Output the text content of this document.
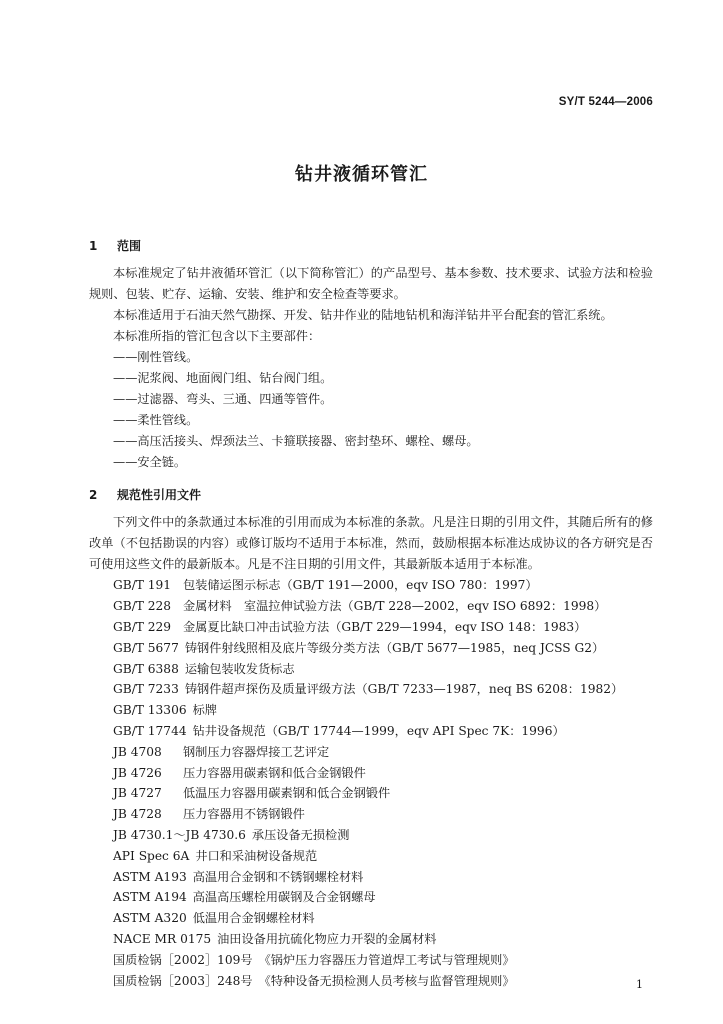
SY/T 5244—2006
钻井液循环管汇
1 范围

本标准规定了钻井液循环管汇（以下简称管汇）的产品型号、基本参数、技术要求、试验方法和检验规则、包装、贮存、运输、安装、维护和安全检查等要求。

本标准适用于石油天然气勘探、开发、钻井作业的陆地钻机和海洋钻井平台配套的管汇系统。
本标准所指的管汇包含以下主要部件：
——刚性管线。
——泥浆阀、地面阀门组、钻台阀门组。
——过滤器、弯头、三通、四通等管件。
——柔性管线。
——高压活接头、焊颈法兰、卡箍联接器、密封垫环、螺栓、螺母。
——安全链。
2 规范性引用文件

下列文件中的条款通过本标准的引用而成为本标准的条款。凡是注日期的引用文件，其随后所有的修改单（不包括勘误的内容）或修订版均不适用于本标准，然而，鼓励根据本标准达成协议的各方研究是否可使用这些文件的最新版本。凡是不注日期的引用文件，其最新版本适用于本标准。

GB/T 191 包装储运图示标志（GB/T 191—2000，eqv ISO 780：1997）
GB/T 228 金属材料　室温拉伸试验方法（GB/T 228—2002，eqv ISO 6892：1998）
GB/T 229 金属夏比缺口冲击试验方法（GB/T 229—1994，eqv ISO 148：1983）
GB/T 5677 铸钢件射线照相及底片等级分类方法（GB/T 5677—1985，neq JCSS G2）
GB/T 6388 运输包装收发货标志
GB/T 7233 铸钢件超声探伤及质量评级方法（GB/T 7233—1987，neq BS 6208：1982）
GB/T 13306 标牌
GB/T 17744 钻井设备规范（GB/T 17744—1999，eqv API Spec 7K：1996）
JB 4708 钢制压力容器焊接工艺评定
JB 4726 压力容器用碳素钢和低合金钢锻件
JB 4727 低温压力容器用碳素钢和低合金钢锻件
JB 4728 压力容器用不锈钢锻件
JB 4730.1～JB 4730.6 承压设备无损检测
API Spec 6A 井口和采油树设备规范
ASTM A193 高温用合金钢和不锈钢螺栓材料
ASTM A194 高温高压螺栓用碳钢及合金钢螺母
ASTM A320 低温用合金钢螺栓材料
NACE MR 0175 油田设备用抗硫化物应力开裂的金属材料
国质检锅［2002］109号 《锅炉压力容器压力管道焊工考试与管理规则》
国质检锅［2003］248号 《特种设备无损检测人员考核与监督管理规则》	1
